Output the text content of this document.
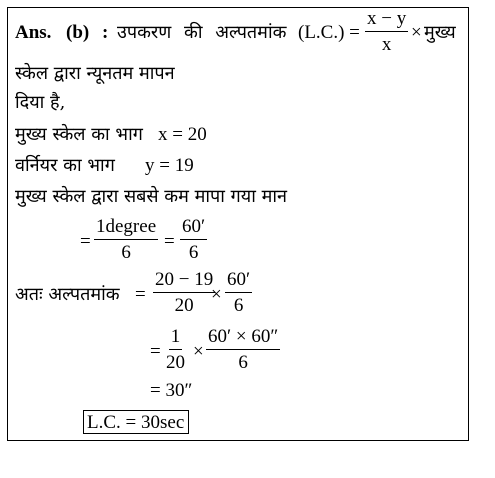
Ans. (b) : उपकरण की अल्पतमांक $(L.C.) = \frac{x - y}{x}$ × मुख्य
स्केल द्वारा न्यूनतम मापन
दिया है,
मुख्य स्केल का भाग x = 20
वर्नियर का भाग y = 19
मुख्य स्केल द्वारा सबसे कम मापा गया मान
=
1degree
6
= $\frac{60'}{6}$
अतः अल्पतमांक = $\frac{20 - 19}{20}$
× $\frac{60'}{6}$
= $\frac{1}{20} \times \frac{60' \times 60''}{6}$
= 30″
L.C. = 30sec
